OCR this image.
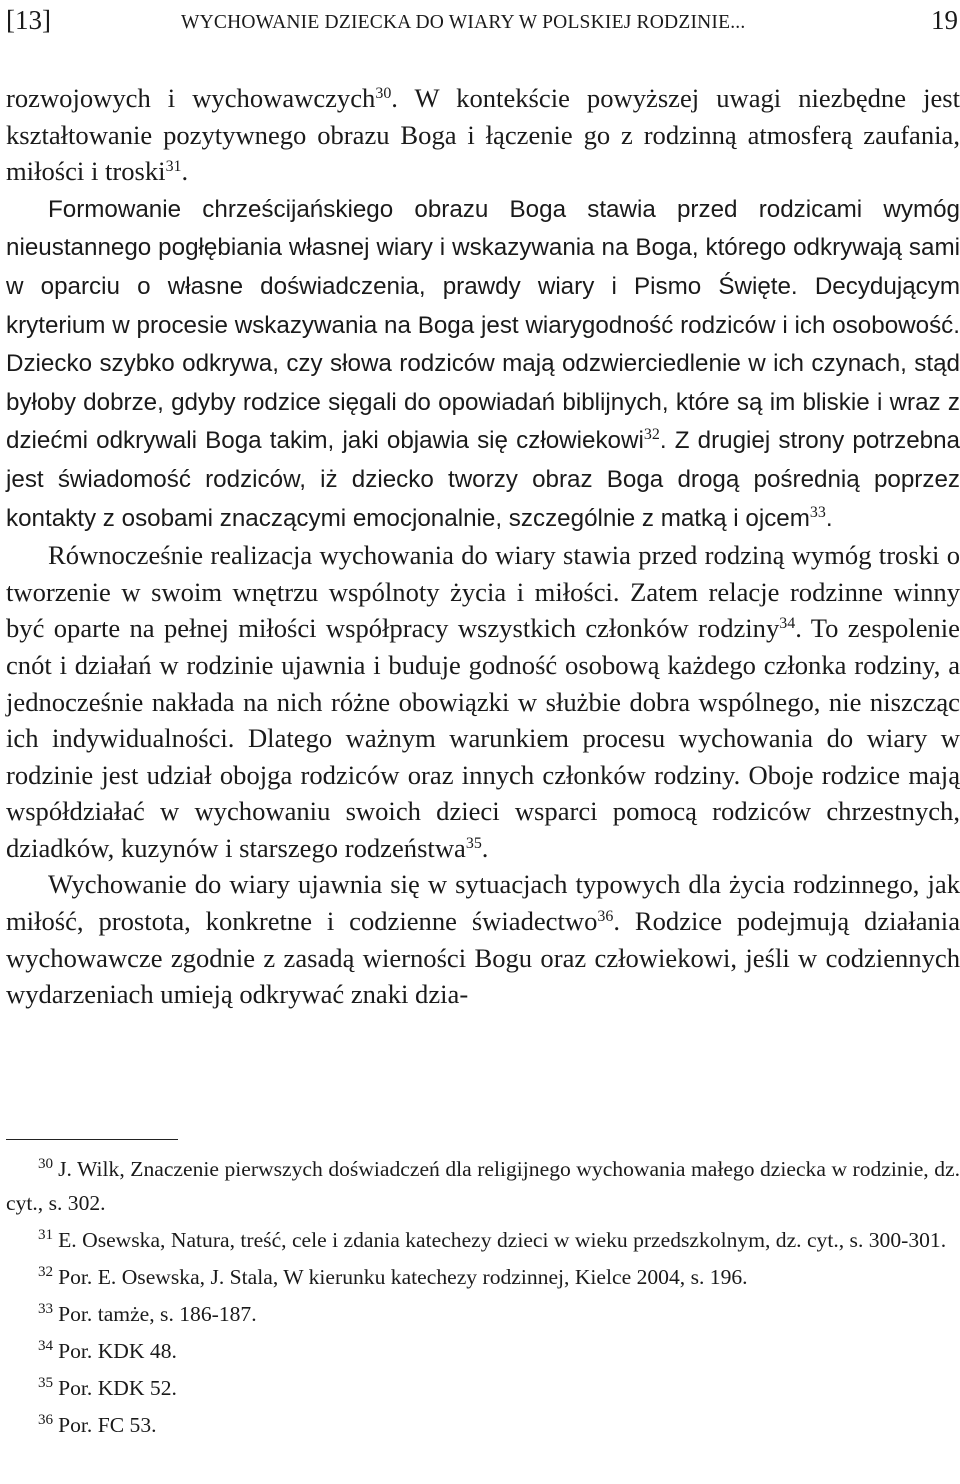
[13]	WYCHOWANIE DZIECKA DO WIARY W POLSKIEJ RODZINIE...	19

rozwojowych i wychowawczych$^{30}$. W kontekście powyższej uwagi niezbędne jest kształtowanie pozytywnego obrazu Boga i łączenie go z rodzinną atmosferą zaufania, miłości i troski$^{31}$.

Formowanie chrześcijańskiego obrazu Boga stawia przed rodzicami wymóg nieustannego pogłębiania własnej wiary i wskazywania na Boga, którego odkrywają sami w oparciu o własne doświadczenia, prawdy wiary i Pismo Święte. Decydującym kryterium w procesie wskazywania na Boga jest wiarygodność rodziców i ich osobowość. Dziecko szybko odkrywa, czy słowa rodziców mają odzwierciedlenie w ich czynach, stąd byłoby dobrze, gdyby rodzice sięgali do opowiadań biblijnych, które są im bliskie i wraz z dziećmi odkrywali Boga takim, jaki objawia się człowiekowi$^{32}$. Z drugiej strony potrzebna jest świadomość rodziców, iż dziecko tworzy obraz Boga drogą pośrednią poprzez kontakty z osobami znaczącymi emocjonalnie, szczególnie z matką i ojcem$^{33}$.

Równocześnie realizacja wychowania do wiary stawia przed rodziną wymóg troski o tworzenie w swoim wnętrzu wspólnoty życia i miłości. Zatem relacje rodzinne winny być oparte na pełnej miłości współpracy wszystkich członków rodziny$^{34}$. To zespolenie cnót i działań w rodzinie ujawnia i buduje godność osobową każdego członka rodziny, a jednocześnie nakłada na nich różne obowiązki w służbie dobra wspólnego, nie niszcząc ich indywidualności. Dlatego ważnym warunkiem procesu wychowania do wiary w rodzinie jest udział obojga rodziców oraz innych członków rodziny. Oboje rodzice mają współdziałać w wychowaniu swoich dzieci wsparci pomocą rodziców chrzestnych, dziadków, kuzynów i starszego rodzeństwa$^{35}$.

Wychowanie do wiary ujawnia się w sytuacjach typowych dla życia rodzinnego, jak miłość, prostota, konkretne i codzienne świadectwo$^{36}$. Rodzice podejmują działania wychowawcze zgodnie z zasadą wierności Bogu oraz człowiekowi, jeśli w codziennych wydarzeniach umieją odkrywać znaki dzia-

30 J. Wilk, Znaczenie pierwszych doświadczeń dla religijnego wychowania małego dziecka w rodzinie, dz. cyt., s. 302.
31 E. Osewska, Natura, treść, cele i zdania katechezy dzieci w wieku przedszkolnym, dz. cyt., s. 300-301.
32 Por. E. Osewska, J. Stala, W kierunku katechezy rodzinnej, Kielce 2004, s. 196.
33 Por. tamże, s. 186-187.
34 Por. KDK 48.
35 Por. KDK 52.
36 Por. FC 53.
